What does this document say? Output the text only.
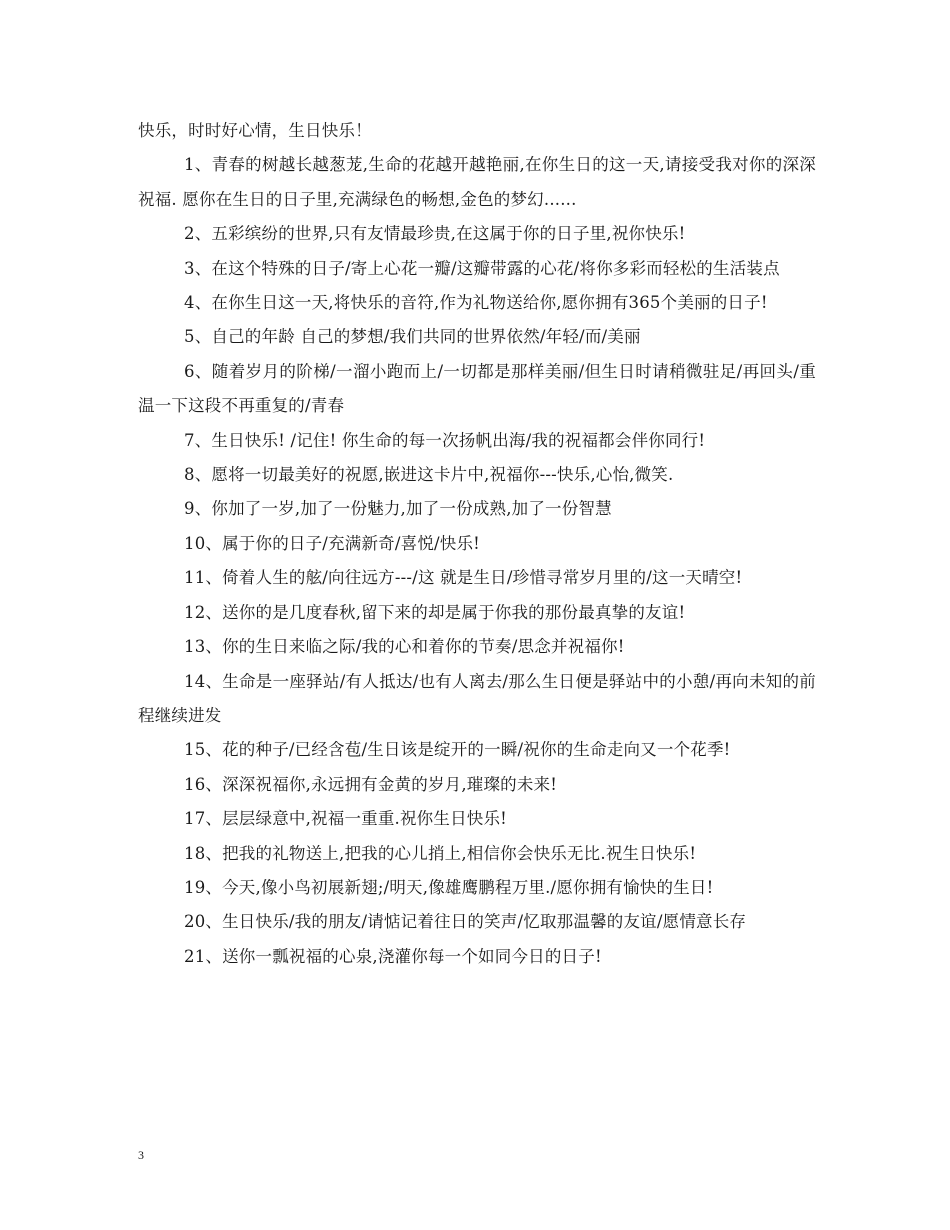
快乐，时时好心情，生日快乐！

1、青春的树越长越葱茏,生命的花越开越艳丽,在你生日的这一天,请接受我对你的深深祝福. 愿你在生日的日子里,充满绿色的畅想,金色的梦幻......

2、五彩缤纷的世界,只有友情最珍贵,在这属于你的日子里,祝你快乐!

3、在这个特殊的日子/寄上心花一瓣/这瓣带露的心花/将你多彩而轻松的生活装点

4、在你生日这一天,将快乐的音符,作为礼物送给你,愿你拥有365个美丽的日子!

5、自己的年龄 自己的梦想/我们共同的世界依然/年轻/而/美丽

6、随着岁月的阶梯/一溜小跑而上/一切都是那样美丽/但生日时请稍微驻足/再回头/重温一下这段不再重复的/青春

7、生日快乐! /记住! 你生命的每一次扬帆出海/我的祝福都会伴你同行!

8、愿将一切最美好的祝愿,嵌进这卡片中,祝福你---快乐,心怡,微笑.

9、你加了一岁,加了一份魅力,加了一份成熟,加了一份智慧

10、属于你的日子/充满新奇/喜悦/快乐!

11、倚着人生的舷/向往远方---/这 就是生日/珍惜寻常岁月里的/这一天晴空!

12、送你的是几度春秋,留下来的却是属于你我的那份最真挚的友谊!

13、你的生日来临之际/我的心和着你的节奏/思念并祝福你!

14、生命是一座驿站/有人抵达/也有人离去/那么生日便是驿站中的小憩/再向未知的前 程继续进发

15、花的种子/已经含苞/生日该是绽开的一瞬/祝你的生命走向又一个花季!

16、深深祝福你,永远拥有金黄的岁月,璀璨的未来!

17、层层绿意中,祝福一重重.祝你生日快乐!

18、把我的礼物送上,把我的心儿捎上,相信你会快乐无比.祝生日快乐!

19、今天,像小鸟初展新翅;/明天,像雄鹰鹏程万里./愿你拥有愉快的生日!

20、生日快乐/我的朋友/请惦记着往日的笑声/忆取那温馨的友谊/愿情意长存

21、送你一瓢祝福的心泉,浇灌你每一个如同今日的日子!

3
